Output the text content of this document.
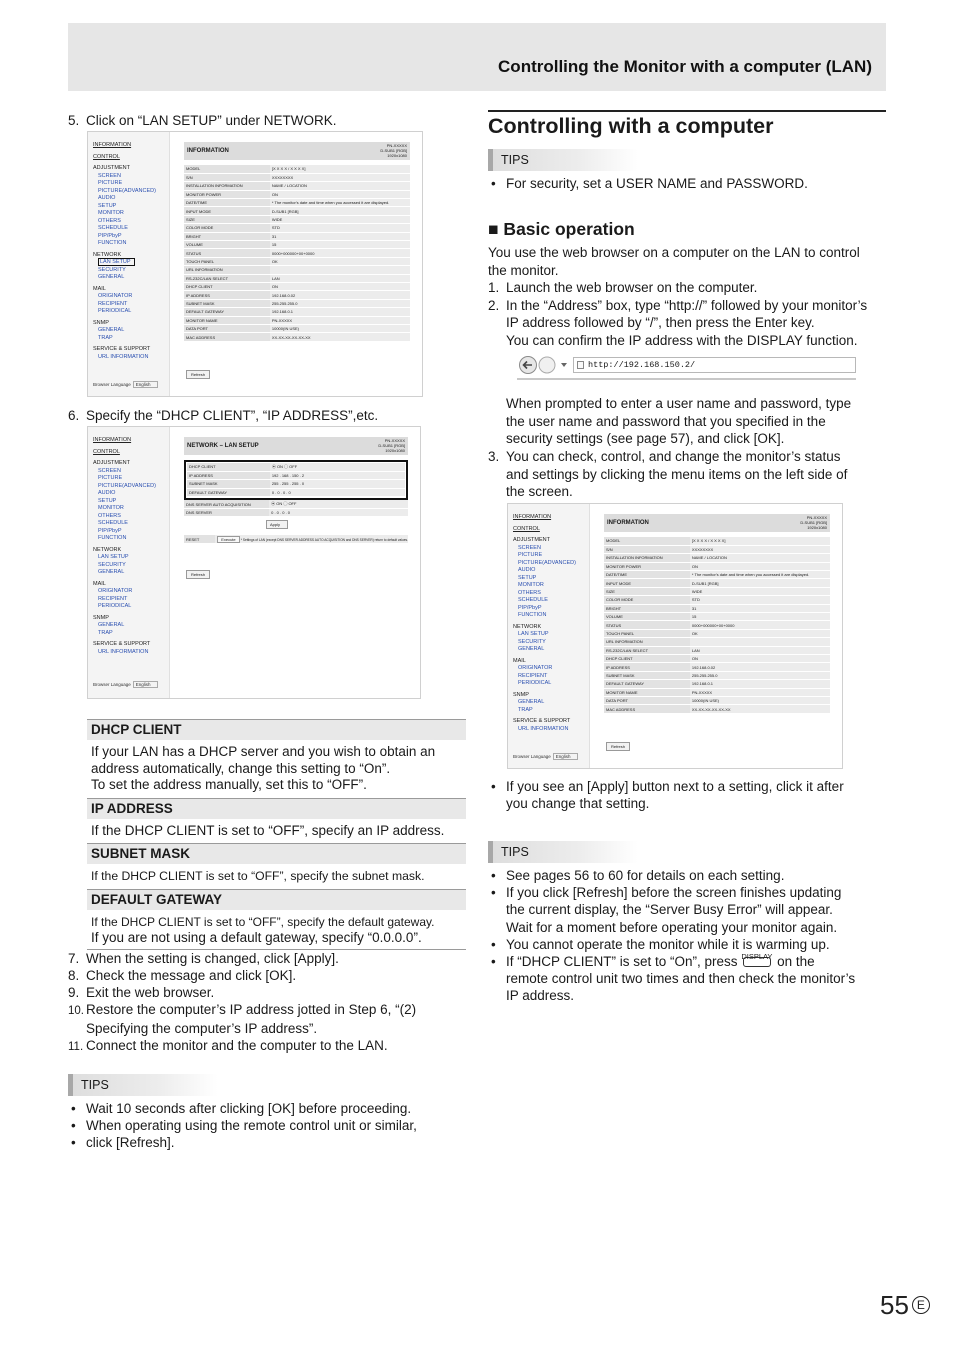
Controlling the Monitor with a computer (LAN)
5. Click on “LAN SETUP” under NETWORK.
INFORMATION
CONTROL
ADJUSTMENT
SCREEN
PICTURE
PICTURE(ADVANCED)
AUDIO
SETUP
MONITOR
OTHERS
SCHEDULE
PIP/PbyP
FUNCTION
NETWORK
LAN SETUP
SECURITY
GENERAL
MAIL
ORIGINATOR
RECIPIENT
PERIODICAL
SNMP
GENERAL
TRAP
SERVICE & SUPPORT
URL INFORMATION
Browser Language English
INFORMATION
PN-XXXXX
D-SUB1 [RGB]
1920x1080
MODEL	[X X X X / X X X X]
S/N	XXXXXXXX
INSTALLATION INFORMATION	NAME / LOCATION
MONITOR POWER	ON
DATE/TIME	* The monitor's date and time when you accessed it are displayed.
INPUT MODE	D-SUB1 [RGB]
SIZE	WIDE
COLOR MODE	STD
BRIGHT	31
VOLUME	15
STATUS	0000+000000+00+0000
TOUCH PANEL	OK
URL INFORMATION	
RS-232C/LAN SELECT	LAN
DHCP CLIENT	ON
IP ADDRESS	192.168.0.02
SUBNET MASK	255.255.255.0
DEFAULT GATEWAY	192.168.0.1
MONITOR NAME	PN-XXXXX
DATA PORT	10000(IN USE)
MAC ADDRESS	XX-XX-XX-XX-XX-XX
Refresh
6. Specify the “DHCP CLIENT”, “IP ADDRESS”,etc.
INFORMATION
CONTROL
ADJUSTMENT
SCREEN
PICTURE
PICTURE(ADVANCED)
AUDIO
SETUP
MONITOR
OTHERS
SCHEDULE
PIP/PbyP
FUNCTION
NETWORK
LAN SETUP
SECURITY
GENERAL
MAIL
ORIGINATOR
RECIPIENT
PERIODICAL
SNMP
GENERAL
TRAP
SERVICE & SUPPORT
URL INFORMATION
Browser Language English
NETWORK – LAN SETUP
PN-XXXXX
D-SUB1 [RGB]
1920x1080
DHCP CLIENT	⦿ ON ◯ OFF
IP ADDRESS	192 . 168 . 150 . 2
SUBNET MASK	255 . 255 . 255 . 0
DEFAULT GATEWAY	0 . 0 . 0 . 0
DNS SERVER AUTO ACQUISITION	⦿ ON ◯ OFF
DNS SERVER	0 . 0 . 0 . 0
Apply
RESET	Execute * Settings of LAN (except DNS SERVER ADDRESS AUTO ACQUISITION and DNS SERVER) return to default values.
Refresh
DHCP CLIENT
If your LAN has a DHCP server and you wish to obtain an
address automatically, change this setting to “On”.
To set the address manually, set this to “OFF”.
IP ADDRESS
If the DHCP CLIENT is set to “OFF”, specify an IP address.
SUBNET MASK
If the DHCP CLIENT is set to “OFF”, specify the subnet mask.
DEFAULT GATEWAY
If the DHCP CLIENT is set to “OFF”, specify the default gateway.
If you are not using a default gateway, specify “0.0.0.0”.
7. When the setting is changed, click [Apply].
8. Check the message and click [OK].
9. Exit the web browser.
10. Restore the computer’s IP address jotted in Step 6, “(2)
Specifying the computer’s IP address”.
11. Connect the monitor and the computer to the LAN.
TIPS
• Wait 10 seconds after clicking [OK] before proceeding.
• When operating using the remote control unit or similar,
• click [Refresh].
Controlling with a computer
TIPS
• For security, set a USER NAME and PASSWORD.
■ Basic operation
You use the web browser on a computer on the LAN to control
the monitor.
1. Launch the web browser on the computer.
2. In the “Address” box, type “http://” followed by your monitor’s
IP address followed by “/”, then press the Enter key.
You can confirm the IP address with the DISPLAY function.
http://192.168.150.2/
When prompted to enter a user name and password, type
the user name and password that you specified in the
security settings (see page 57), and click [OK].
3. You can check, control, and change the monitor’s status
and settings by clicking the menu items on the left side of
the screen.
INFORMATION
CONTROL
ADJUSTMENT
SCREEN
PICTURE
PICTURE(ADVANCED)
AUDIO
SETUP
MONITOR
OTHERS
SCHEDULE
PIP/PbyP
FUNCTION
NETWORK
LAN SETUP
SECURITY
GENERAL
MAIL
ORIGINATOR
RECIPIENT
PERIODICAL
SNMP
GENERAL
TRAP
SERVICE & SUPPORT
URL INFORMATION
Browser Language English
INFORMATION
PN-XXXXX
D-SUB1 [RGB]
1920x1080
MODEL	[X X X X / X X X X]
S/N	XXXXXXXX
INSTALLATION INFORMATION	NAME / LOCATION
MONITOR POWER	ON
DATE/TIME	* The monitor's date and time when you accessed it are displayed.
INPUT MODE	D-SUB1 [RGB]
SIZE	WIDE
COLOR MODE	STD
BRIGHT	31
VOLUME	15
STATUS	0000+000000+00+0000
TOUCH PANEL	OK
URL INFORMATION	
RS-232C/LAN SELECT	LAN
DHCP CLIENT	ON
IP ADDRESS	192.168.0.02
SUBNET MASK	255.255.255.0
DEFAULT GATEWAY	192.168.0.1
MONITOR NAME	PN-XXXXX
DATA PORT	10000(IN USE)
MAC ADDRESS	XX-XX-XX-XX-XX-XX
Refresh
• If you see an [Apply] button next to a setting, click it after
you change that setting.
TIPS
• See pages 56 to 60 for details on each setting.
• If you click [Refresh] before the screen finishes updating
the current display, the “Server Busy Error” will appear.
Wait for a moment before operating your monitor again.
• You cannot operate the monitor while it is warming up.
• If “DHCP CLIENT” is set to “On”, press DISPLAY on the
remote control unit two times and then check the monitor’s
IP address.
55 E
